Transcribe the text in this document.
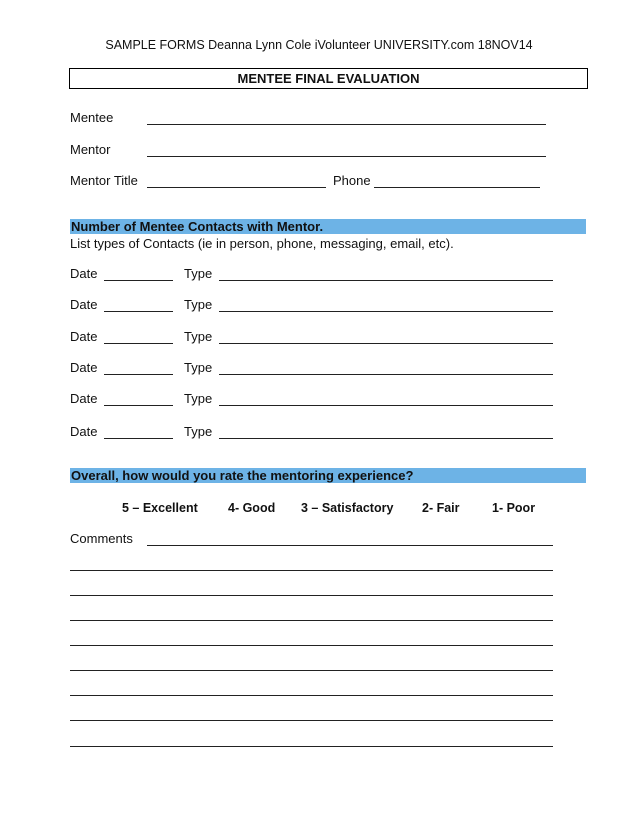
SAMPLE FORMS Deanna Lynn Cole iVolunteer UNIVERSITY.com 18NOV14
MENTEE FINAL EVALUATION
Mentee
Mentor
Mentor Title	Phone
Number of Mentee Contacts with Mentor.
List types of Contacts (ie in person, phone, messaging, email, etc).
Date	Type
Date	Type
Date	Type
Date	Type
Date	Type
Date	Type
Overall, how would you rate the mentoring experience?
5 – Excellent 4- Good 3 – Satisfactory 2- Fair	1- Poor
Comments
